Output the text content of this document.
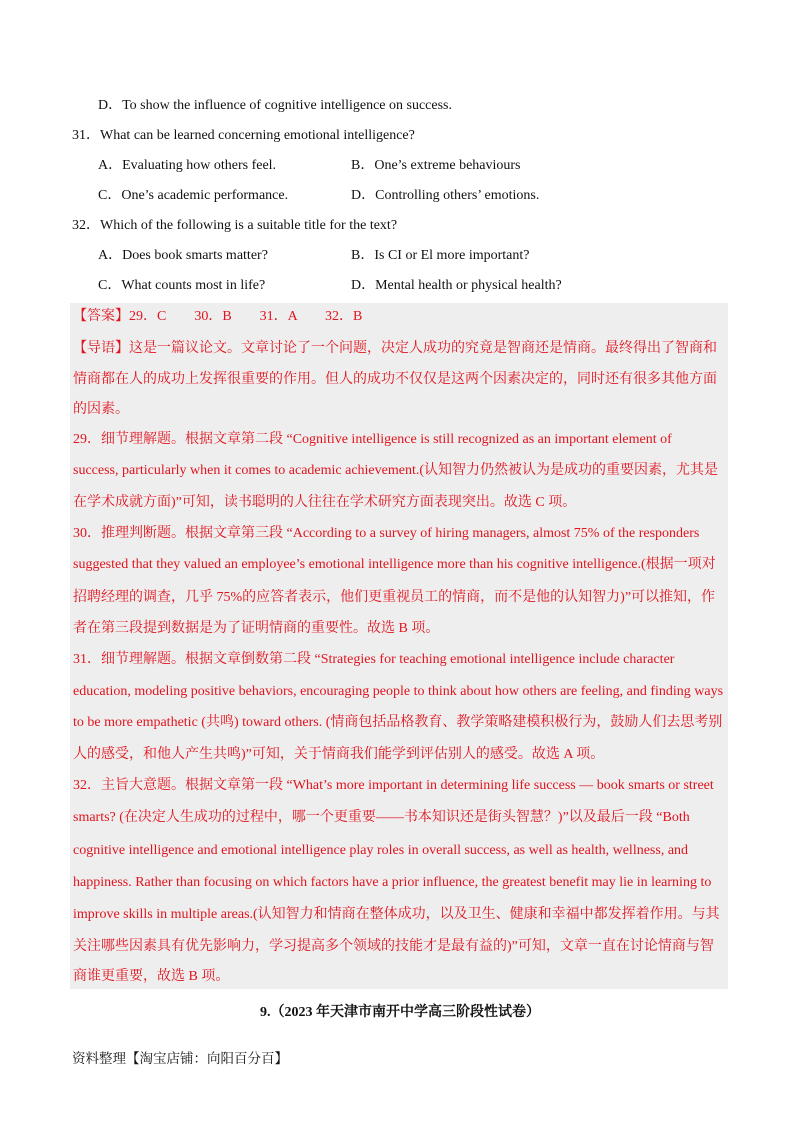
D．To show the influence of cognitive intelligence on success.
31．What can be learned concerning emotional intelligence?
A．Evaluating how others feel.	B．One’s extreme behaviours
C．One’s academic performance.	D．Controlling others’ emotions.
32．Which of the following is a suitable title for the text?
A．Does book smarts matter?	B．Is CI or El more important?
C．What counts most in life?	D．Mental health or physical health?
【答案】29．C　　30．B　　31．A　　32．B
【导语】这是一篇议论文。文章讨论了一个问题，决定人成功的究竟是智商还是情商。最终得出了智商和
情商都在人的成功上发挥很重要的作用。但人的成功不仅仅是这两个因素决定的，同时还有很多其他方面
的因素。
29．细节理解题。根据文章第二段 “Cognitive intelligence is still recognized as an important element of
success, particularly when it comes to academic achievement.(认知智力仍然被认为是成功的重要因素，尤其是
在学术成就方面)”可知，读书聪明的人往往在学术研究方面表现突出。故选 C 项。
30．推理判断题。根据文章第三段 “According to a survey of hiring managers, almost 75% of the responders
suggested that they valued an employee’s emotional intelligence more than his cognitive intelligence.(根据一项对
招聘经理的调查，几乎 75%的应答者表示，他们更重视员工的情商，而不是他的认知智力)”可以推知，作
者在第三段提到数据是为了证明情商的重要性。故选 B 项。
31．细节理解题。根据文章倒数第二段 “Strategies for teaching emotional intelligence include character
education, modeling positive behaviors, encouraging people to think about how others are feeling, and finding ways
to be more empathetic (共鸣) toward others. (情商包括品格教育、教学策略建模积极行为，鼓励人们去思考别
人的感受，和他人产生共鸣)”可知，关于情商我们能学到评估别人的感受。故选 A 项。
32．主旨大意题。根据文章第一段 “What’s more important in determining life success — book smarts or street
smarts? (在决定人生成功的过程中，哪一个更重要——书本知识还是街头智慧？)”以及最后一段 “Both
cognitive intelligence and emotional intelligence play roles in overall success, as well as health, wellness, and
happiness. Rather than focusing on which factors have a prior influence, the greatest benefit may lie in learning to
improve skills in multiple areas.(认知智力和情商在整体成功，以及卫生、健康和幸福中都发挥着作用。与其
关注哪些因素具有优先影响力，学习提高多个领域的技能才是最有益的)”可知，文章一直在讨论情商与智
商谁更重要，故选 B 项。
9.（2023 年天津市南开中学高三阶段性试卷）
资料整理【淘宝店铺：向阳百分百】
